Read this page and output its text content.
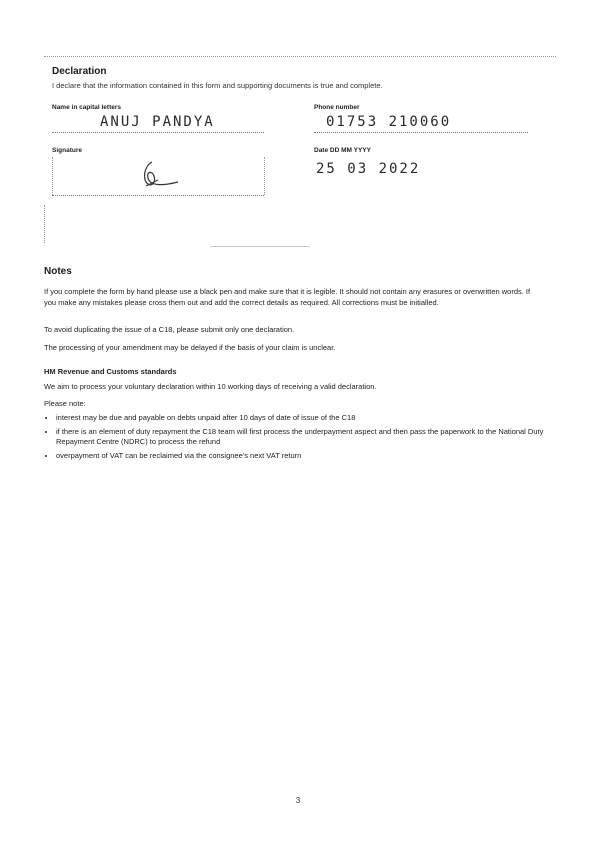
Declaration
I declare that the information contained in this form and supporting documents is true and complete.
Name in capital letters
ANUJ PANDYA
Phone number
01753 210060
Signature	Date DD MM YYYY
25 03 2022
Notes
If you complete the form by hand please use a black pen and make sure that it is legible. It should not contain any erasures or overwritten words. If you make any mistakes please cross them out and add the correct details as required. All corrections must be initialled.
To avoid duplicating the issue of a C18, please submit only one declaration.
The processing of your amendment may be delayed if the basis of your claim is unclear.
HM Revenue and Customs standards
We aim to process your voluntary declaration within 10 working days of receiving a valid declaration.
Please note:
• interest may be due and payable on debts unpaid after 10 days of date of issue of the C18
• if there is an element of duty repayment the C18 team will first process the underpayment aspect and then pass the paperwork to the National Duty Repayment Centre (NDRC) to process the refund
• overpayment of VAT can be reclaimed via the consignee's next VAT return
3
